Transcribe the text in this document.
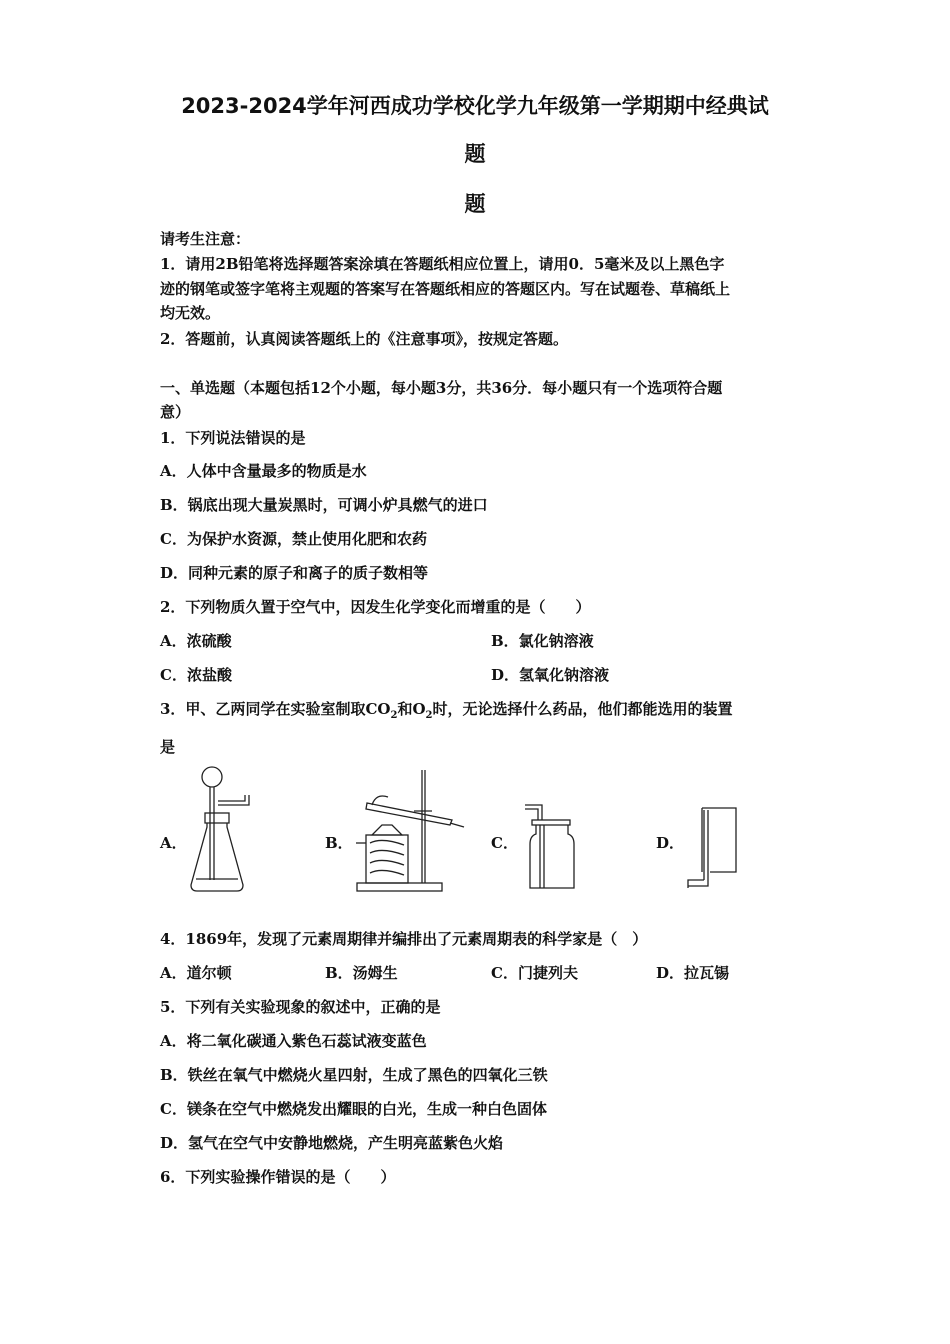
2023-2024学年河西成功学校化学九年级第一学期期中经典试
题
题
请考生注意：
1．请用2B铅笔将选择题答案涂填在答题纸相应位置上，请用0．5毫米及以上黑色字
迹的钢笔或签字笔将主观题的答案写在答题纸相应的答题区内。写在试题卷、草稿纸上
均无效。
2．答题前，认真阅读答题纸上的《注意事项》，按规定答题。
一、单选题（本题包括12个小题，每小题3分，共36分．每小题只有一个选项符合题
意）
1．下列说法错误的是
A．人体中含量最多的物质是水
B．锅底出现大量炭黑时，可调小炉具燃气的进口
C．为保护水资源，禁止使用化肥和农药
D．同种元素的原子和离子的质子数相等
2．下列物质久置于空气中，因发生化学变化而增重的是（　　）
A．浓硫酸	B．氯化钠溶液
C．浓盐酸	D．氢氧化钠溶液
3．甲、乙两同学在实验室制取$CO_2$和$O_2$时，无论选择什么药品，他们都能选用的装置
是
A．	B．	C．	D．
4．1869年，发现了元素周期律并编排出了元素周期表的科学家是（　）
A．道尔顿	B．汤姆生	C．门捷列夫	D．拉瓦锡
5．下列有关实验现象的叙述中，正确的是
A．将二氧化碳通入紫色石蕊试液变蓝色
B．铁丝在氧气中燃烧火星四射，生成了黑色的四氧化三铁
C．镁条在空气中燃烧发出耀眼的白光，生成一种白色固体
D．氢气在空气中安静地燃烧，产生明亮蓝紫色火焰
6．下列实验操作错误的是（　　）
